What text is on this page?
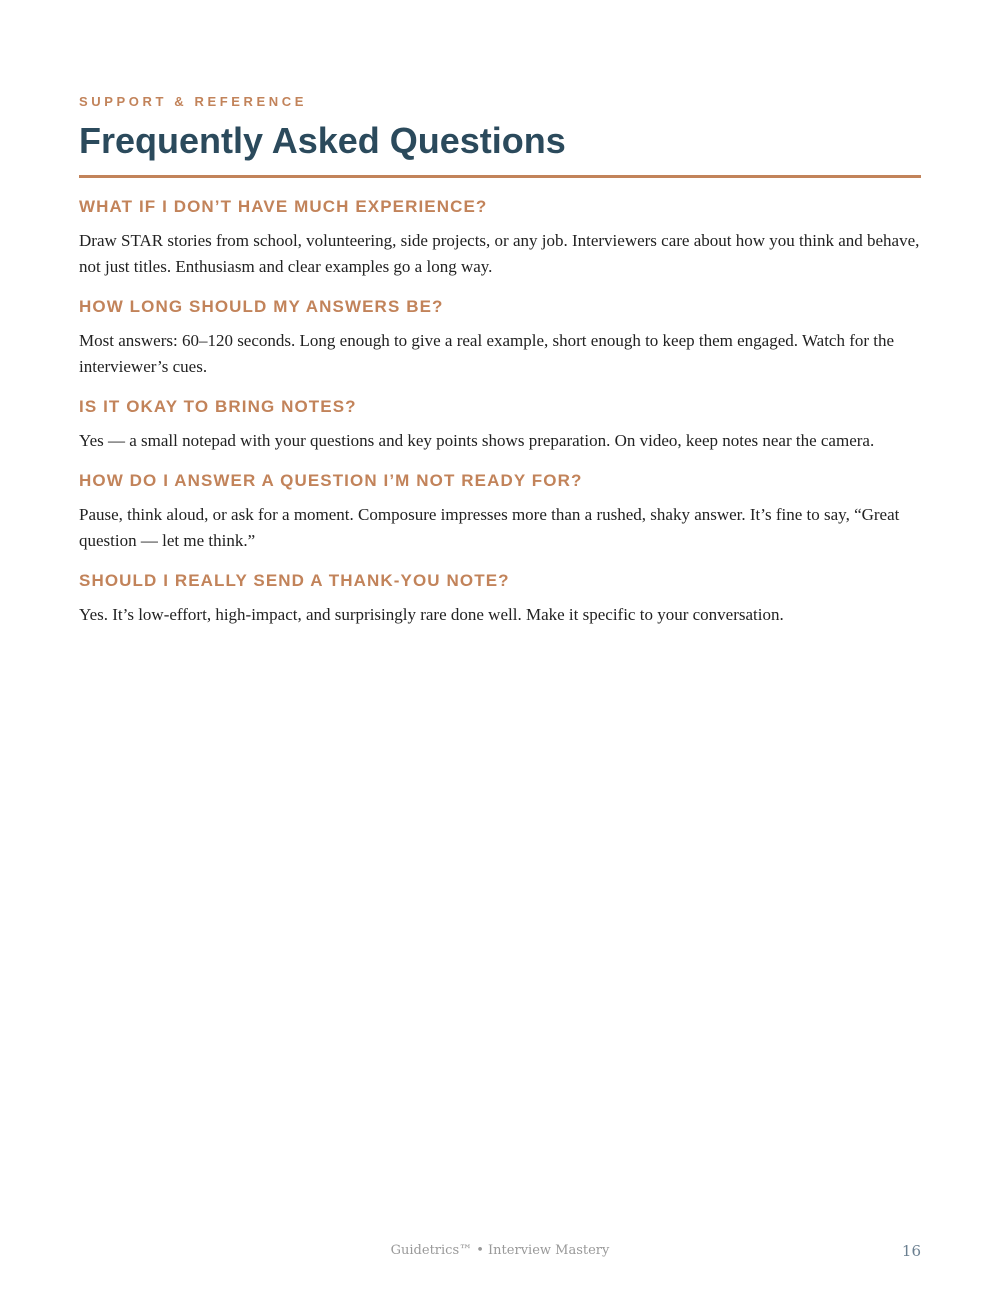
SUPPORT & REFERENCE

Frequently Asked Questions
WHAT IF I DON’T HAVE MUCH EXPERIENCE?

Draw STAR stories from school, volunteering, side projects, or any job. Interviewers care about how you think and behave, not just titles. Enthusiasm and clear examples go a long way.

HOW LONG SHOULD MY ANSWERS BE?

Most answers: 60–120 seconds. Long enough to give a real example, short enough to keep them engaged. Watch for the interviewer’s cues.

IS IT OKAY TO BRING NOTES?

Yes — a small notepad with your questions and key points shows preparation. On video, keep notes near the camera.

HOW DO I ANSWER A QUESTION I’M NOT READY FOR?

Pause, think aloud, or ask for a moment. Composure impresses more than a rushed, shaky answer. It’s fine to say, “Great question — let me think.”

SHOULD I REALLY SEND A THANK-YOU NOTE?

Yes. It’s low-effort, high-impact, and surprisingly rare done well. Make it specific to your conversation.

Guidetrics™ • Interview Mastery	16
